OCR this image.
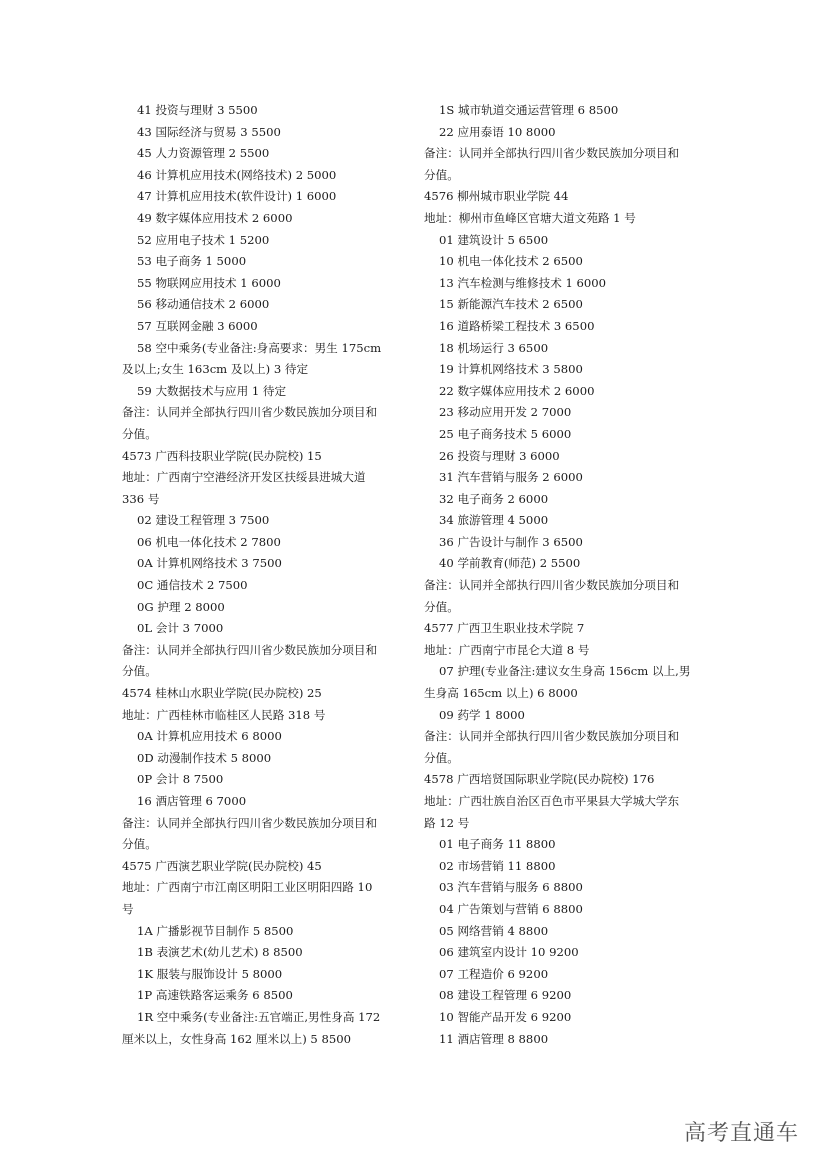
41 投资与理财 3 5500
43 国际经济与贸易 3 5500
45 人力资源管理 2 5500
46 计算机应用技术(网络技术) 2 5000
47 计算机应用技术(软件设计) 1 6000
49 数字媒体应用技术 2 6000
52 应用电子技术 1 5200
53 电子商务 1 5000
55 物联网应用技术 1 6000
56 移动通信技术 2 6000
57 互联网金融 3 6000
58 空中乘务(专业备注:身高要求：男生 175cm
及以上;女生 163cm 及以上) 3 待定
59 大数据技术与应用 1 待定
备注：认同并全部执行四川省少数民族加分项目和
分值。
4573 广西科技职业学院(民办院校) 15
地址：广西南宁空港经济开发区扶绥县进城大道
336 号
02 建设工程管理 3 7500
06 机电一体化技术 2 7800
0A 计算机网络技术 3 7500
0C 通信技术 2 7500
0G 护理 2 8000
0L 会计 3 7000
备注：认同并全部执行四川省少数民族加分项目和
分值。
4574 桂林山水职业学院(民办院校) 25
地址：广西桂林市临桂区人民路 318 号
0A 计算机应用技术 6 8000
0D 动漫制作技术 5 8000
0P 会计 8 7500
16 酒店管理 6 7000
备注：认同并全部执行四川省少数民族加分项目和
分值。
4575 广西演艺职业学院(民办院校) 45
地址：广西南宁市江南区明阳工业区明阳四路 10
号
1A 广播影视节目制作 5 8500
1B 表演艺术(幼儿艺术) 8 8500
1K 服装与服饰设计 5 8000
1P 高速铁路客运乘务 6 8500
1R 空中乘务(专业备注:五官端正,男性身高 172
厘米以上，女性身高 162 厘米以上) 5 8500
1S 城市轨道交通运营管理 6 8500
22 应用泰语 10 8000
备注：认同并全部执行四川省少数民族加分项目和
分值。
4576 柳州城市职业学院 44
地址：柳州市鱼峰区官塘大道文苑路 1 号
01 建筑设计 5 6500
10 机电一体化技术 2 6500
13 汽车检测与维修技术 1 6000
15 新能源汽车技术 2 6500
16 道路桥梁工程技术 3 6500
18 机场运行 3 6500
19 计算机网络技术 3 5800
22 数字媒体应用技术 2 6000
23 移动应用开发 2 7000
25 电子商务技术 5 6000
26 投资与理财 3 6000
31 汽车营销与服务 2 6000
32 电子商务 2 6000
34 旅游管理 4 5000
36 广告设计与制作 3 6500
40 学前教育(师范) 2 5500
备注：认同并全部执行四川省少数民族加分项目和
分值。
4577 广西卫生职业技术学院 7
地址：广西南宁市昆仑大道 8 号
07 护理(专业备注:建议女生身高 156cm 以上,男
生身高 165cm 以上) 6 8000
09 药学 1 8000
备注：认同并全部执行四川省少数民族加分项目和
分值。
4578 广西培贤国际职业学院(民办院校) 176
地址：广西壮族自治区百色市平果县大学城大学东
路 12 号
01 电子商务 11 8800
02 市场营销 11 8800
03 汽车营销与服务 6 8800
04 广告策划与营销 6 8800
05 网络营销 4 8800
06 建筑室内设计 10 9200
07 工程造价 6 9200
08 建设工程管理 6 9200
10 智能产品开发 6 9200
11 酒店管理 8 8800
高考直通车
